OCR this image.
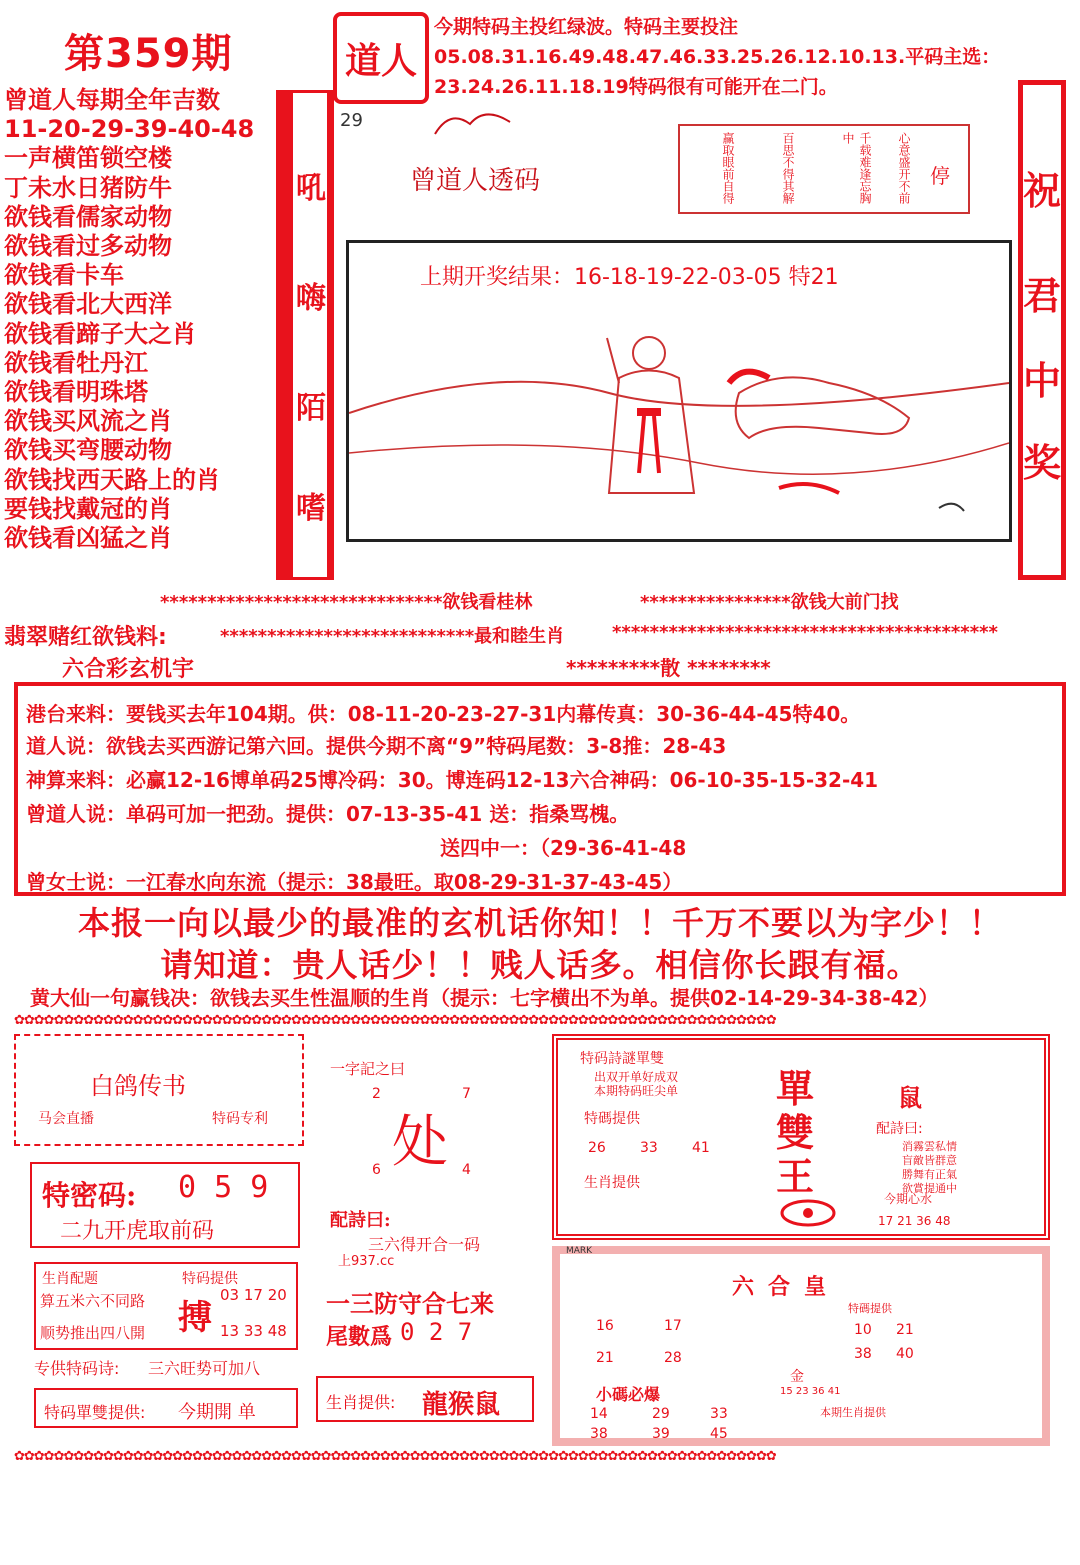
第359期	道人
今期特码主投红绿波。特码主要投注05.08.31.16.49.48.47.46.33.25.26.12.10.13.平码主选：23.24.26.11.18.19特码很有可能开在二门。
曾道人每期全年吉数
11-20-29-39-40-48
一声横笛锁空楼
丁未水日猪防牛
欲钱看儒家动物
欲钱看过多动物
欲钱看卡车
欲钱看北大西洋
欲钱看蹄子大之肖
欲钱看牡丹江
欲钱看明珠塔
欲钱买风流之肖
欲钱买弯腰动物
欲钱找西天路上的肖
要钱找戴冠的肖
欲钱看凶猛之肖
吼
嗨
陌
嗜
祝
君
中
奖
29
曾道人透码	心意盛开不前
千载难逢忘胸中
百思不得其解
赢取眼前自得	停
上期开奖结果：16-18-19-22-03-05 特21
******************************欲钱看桂林	****************欲钱大前门找
翡翠赌红欲钱料:	***************************最和睦生肖	*****************************************
六合彩玄机宇	*********散 ********
港台来料：要钱买去年104期。供：08-11-20-23-27-31内幕传真：30-36-44-45特40。
道人说：欲钱去买西游记第六回。提供今期不离“9”特码尾数：3-8推：28-43
神算来料：必赢12-16博单码25博冷码：30。博连码12-13六合神码：06-10-35-15-32-41
曾道人说：单码可加一把劲。提供：07-13-35-41 送：指桑骂槐。
送四中一：（29-36-41-48
曾女士说：一江春水向东流（提示：38最旺。取08-29-31-37-43-45）
本报一向以最少的最准的玄机话你知！！千万不要以为字少！！
请知道：贵人话少！！贱人话多。相信你长跟有福。
黄大仙一句赢钱决：欲钱去买生性温顺的生肖（提示：七字横出不为单。提供02-14-29-34-38-42）
✿✿✿✿✿✿✿✿✿✿✿✿✿✿✿✿✿✿✿✿✿✿✿✿✿✿✿✿✿✿✿✿✿✿✿✿✿✿✿✿✿✿✿✿✿✿✿✿✿✿✿✿✿✿✿✿✿✿✿✿✿✿✿✿✿✿✿✿✿✿✿✿✿✿✿✿✿
✿✿✿✿✿✿✿✿✿✿✿✿✿✿✿✿✿✿✿✿✿✿✿✿✿✿✿✿✿✿✿✿✿✿✿✿✿✿✿✿✿✿✿✿✿✿✿✿✿✿✿✿✿✿✿✿✿✿✿✿✿✿✿✿✿✿✿✿✿✿✿✿✿✿✿✿✿
白鸽传书
特码专利
马会直播
特密码: 0 5 9
二九开虎取前码
生肖配题
算五米六不同路
顺势推出四八開
特码提供
搏
03 17 20
13 33 48
专供特码诗: 三六旺势可加八
特码單雙提供: 今期開 单
一字記之曰
2	7
6	4
处
配詩曰:
三六得开合一码
上937.cc
一三防守合七来
尾數爲 0 2 7
生肖提供: 龍猴鼠
特码詩謎單雙
出双开单好成双
本期特码旺尖单
特碼提供
26 33 41
生肖提供
單
雙
王
鼠
配詩曰:
消霧雲私情
盲敵皆群意
勝舞有正氣
欲賞提通中
今期心水
17 21 36 48
MARK
六合皇
16	17
21	28
特碼提供
10 21
38 40
金
小碼必爆	15 23 36 41
14	29	33
38	39	45
本期生肖提供
